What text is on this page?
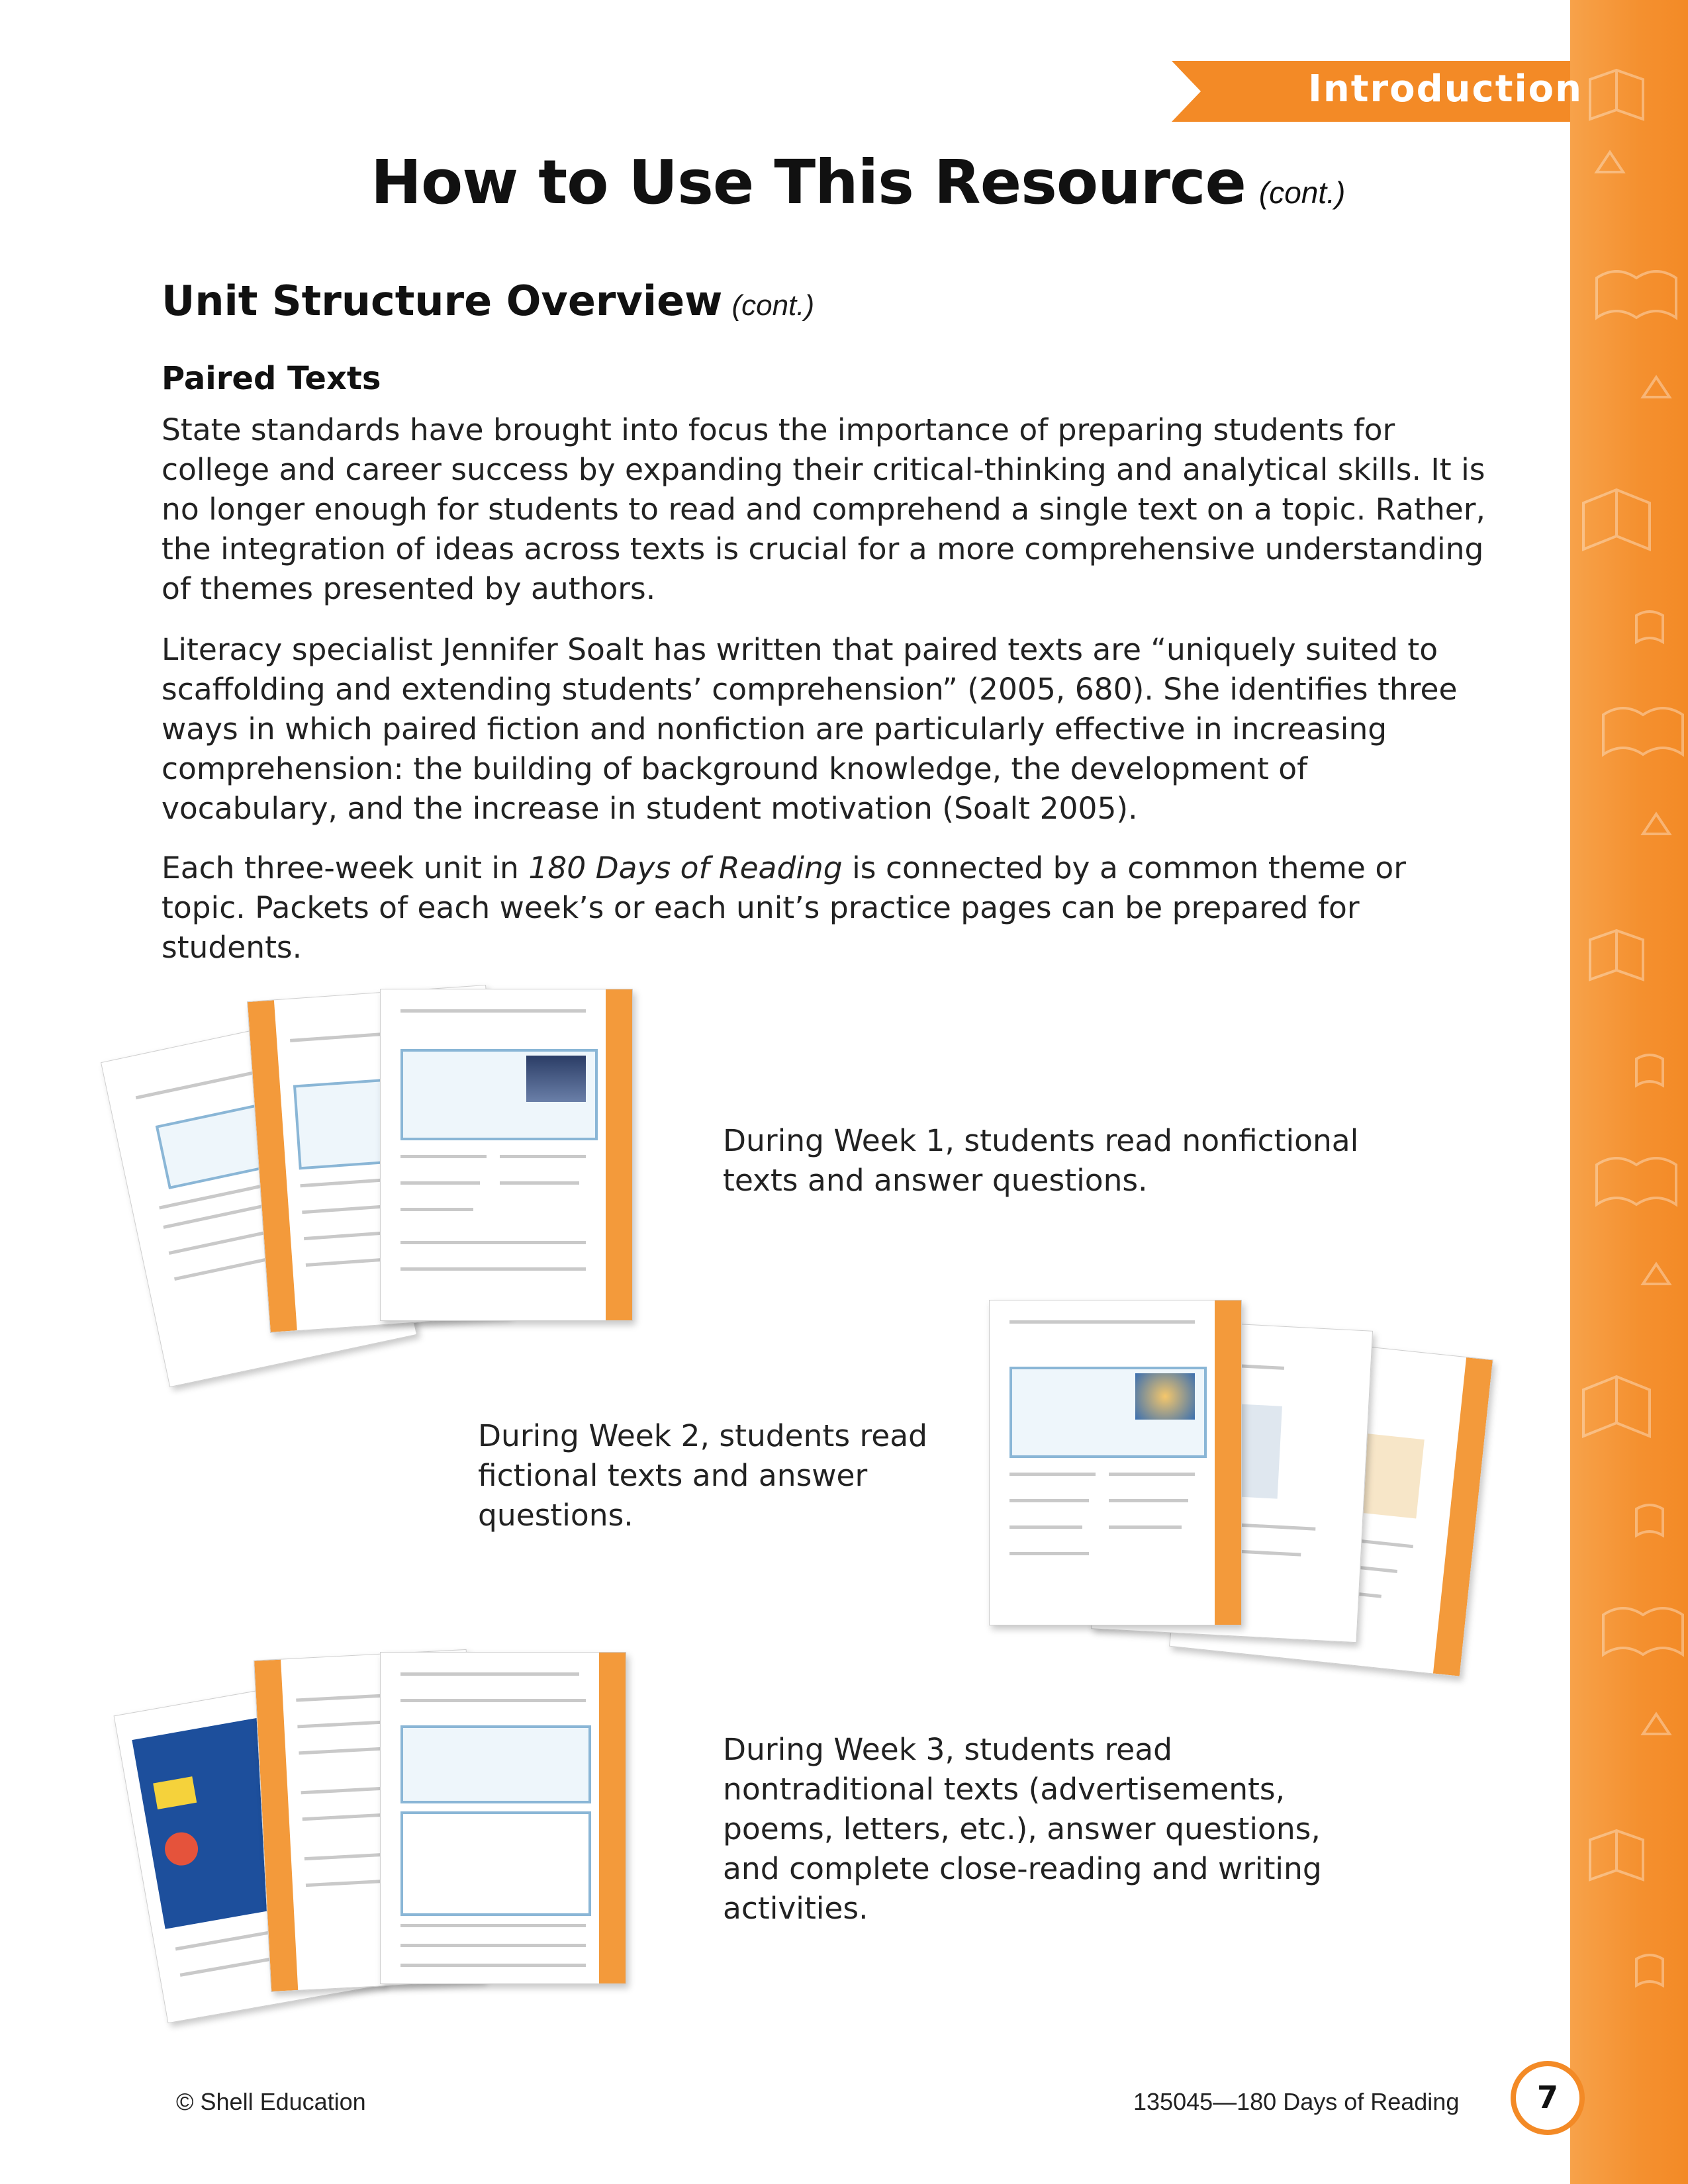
Introduction
How to Use This Resource (cont.)
Unit Structure Overview (cont.)
Paired Texts

State standards have brought into focus the importance of preparing students for college and career success by expanding their critical-thinking and analytical skills. It is no longer enough for students to read and comprehend a single text on a topic. Rather, the integration of ideas across texts is crucial for a more comprehensive understanding of themes presented by authors.

Literacy specialist Jennifer Soalt has written that paired texts are “uniquely suited to scaffolding and extending students’ comprehension” (2005, 680). She identifies three ways in which paired fiction and nonfiction are particularly effective in increasing comprehension: the building of background knowledge, the development of vocabulary, and the increase in student motivation (Soalt 2005).

Each three-week unit in 180 Days of Reading is connected by a common theme or topic. Packets of each week’s or each unit’s practice pages can be prepared for students.

During Week 1, students read nonfictional texts and answer questions.

During Week 2, students read fictional texts and answer questions.

During Week 3, students read nontraditional texts (advertisements, poems, letters, etc.), answer questions, and complete close-reading and writing activities.

© Shell Education	135045—180 Days of Reading	7
